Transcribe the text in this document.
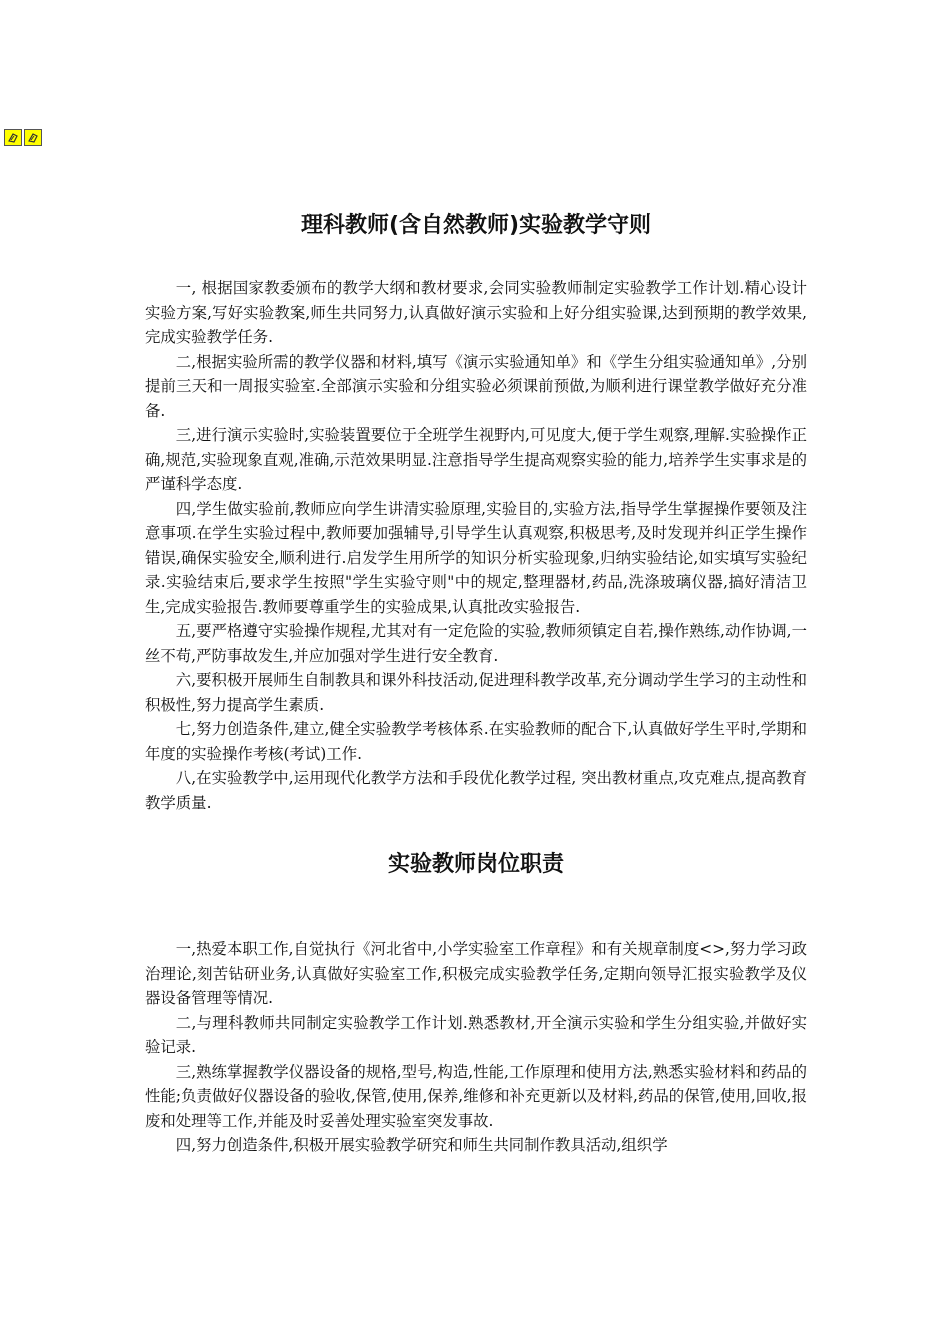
理科教师(含自然教师)实验教学守则

一, 根据国家教委颁布的教学大纲和教材要求,会同实验教师制定实验教学工作计划.精心设计实验方案,写好实验教案,师生共同努力,认真做好演示实验和上好分组实验课,达到预期的教学效果,完成实验教学任务.

二,根据实验所需的教学仪器和材料,填写《演示实验通知单》和《学生分组实验通知单》,分别提前三天和一周报实验室.全部演示实验和分组实验必须课前预做,为顺利进行课堂教学做好充分准备.

三,进行演示实验时,实验装置要位于全班学生视野内,可见度大,便于学生观察,理解.实验操作正确,规范,实验现象直观,准确,示范效果明显.注意指导学生提高观察实验的能力,培养学生实事求是的严谨科学态度.

四,学生做实验前,教师应向学生讲清实验原理,实验目的,实验方法,指导学生掌握操作要领及注意事项.在学生实验过程中,教师要加强辅导,引导学生认真观察,积极思考,及时发现并纠正学生操作错误,确保实验安全,顺利进行.启发学生用所学的知识分析实验现象,归纳实验结论,如实填写实验纪录.实验结束后,要求学生按照"学生实验守则"中的规定,整理器材,药品,洗涤玻璃仪器,搞好清洁卫生,完成实验报告.教师要尊重学生的实验成果,认真批改实验报告.

五,要严格遵守实验操作规程,尤其对有一定危险的实验,教师须镇定自若,操作熟练,动作协调,一丝不苟,严防事故发生,并应加强对学生进行安全教育.

六,要积极开展师生自制教具和课外科技活动,促进理科教学改革,充分调动学生学习的主动性和积极性,努力提高学生素质.

七,努力创造条件,建立,健全实验教学考核体系.在实验教师的配合下,认真做好学生平时,学期和年度的实验操作考核(考试)工作.

八,在实验教学中,运用现代化教学方法和手段优化教学过程, 突出教材重点,攻克难点,提高教育教学质量.

实验教师岗位职责

一,热爱本职工作,自觉执行《河北省中,小学实验室工作章程》和有关规章制度<>,努力学习政治理论,刻苦钻研业务,认真做好实验室工作,积极完成实验教学任务,定期向领导汇报实验教学及仪器设备管理等情况.

二,与理科教师共同制定实验教学工作计划.熟悉教材,开全演示实验和学生分组实验,并做好实验记录.

三,熟练掌握教学仪器设备的规格,型号,构造,性能,工作原理和使用方法,熟悉实验材料和药品的性能;负责做好仪器设备的验收,保管,使用,保养,维修和补充更新以及材料,药品的保管,使用,回收,报废和处理等工作,并能及时妥善处理实验室突发事故.

四,努力创造条件,积极开展实验教学研究和师生共同制作教具活动,组织学
